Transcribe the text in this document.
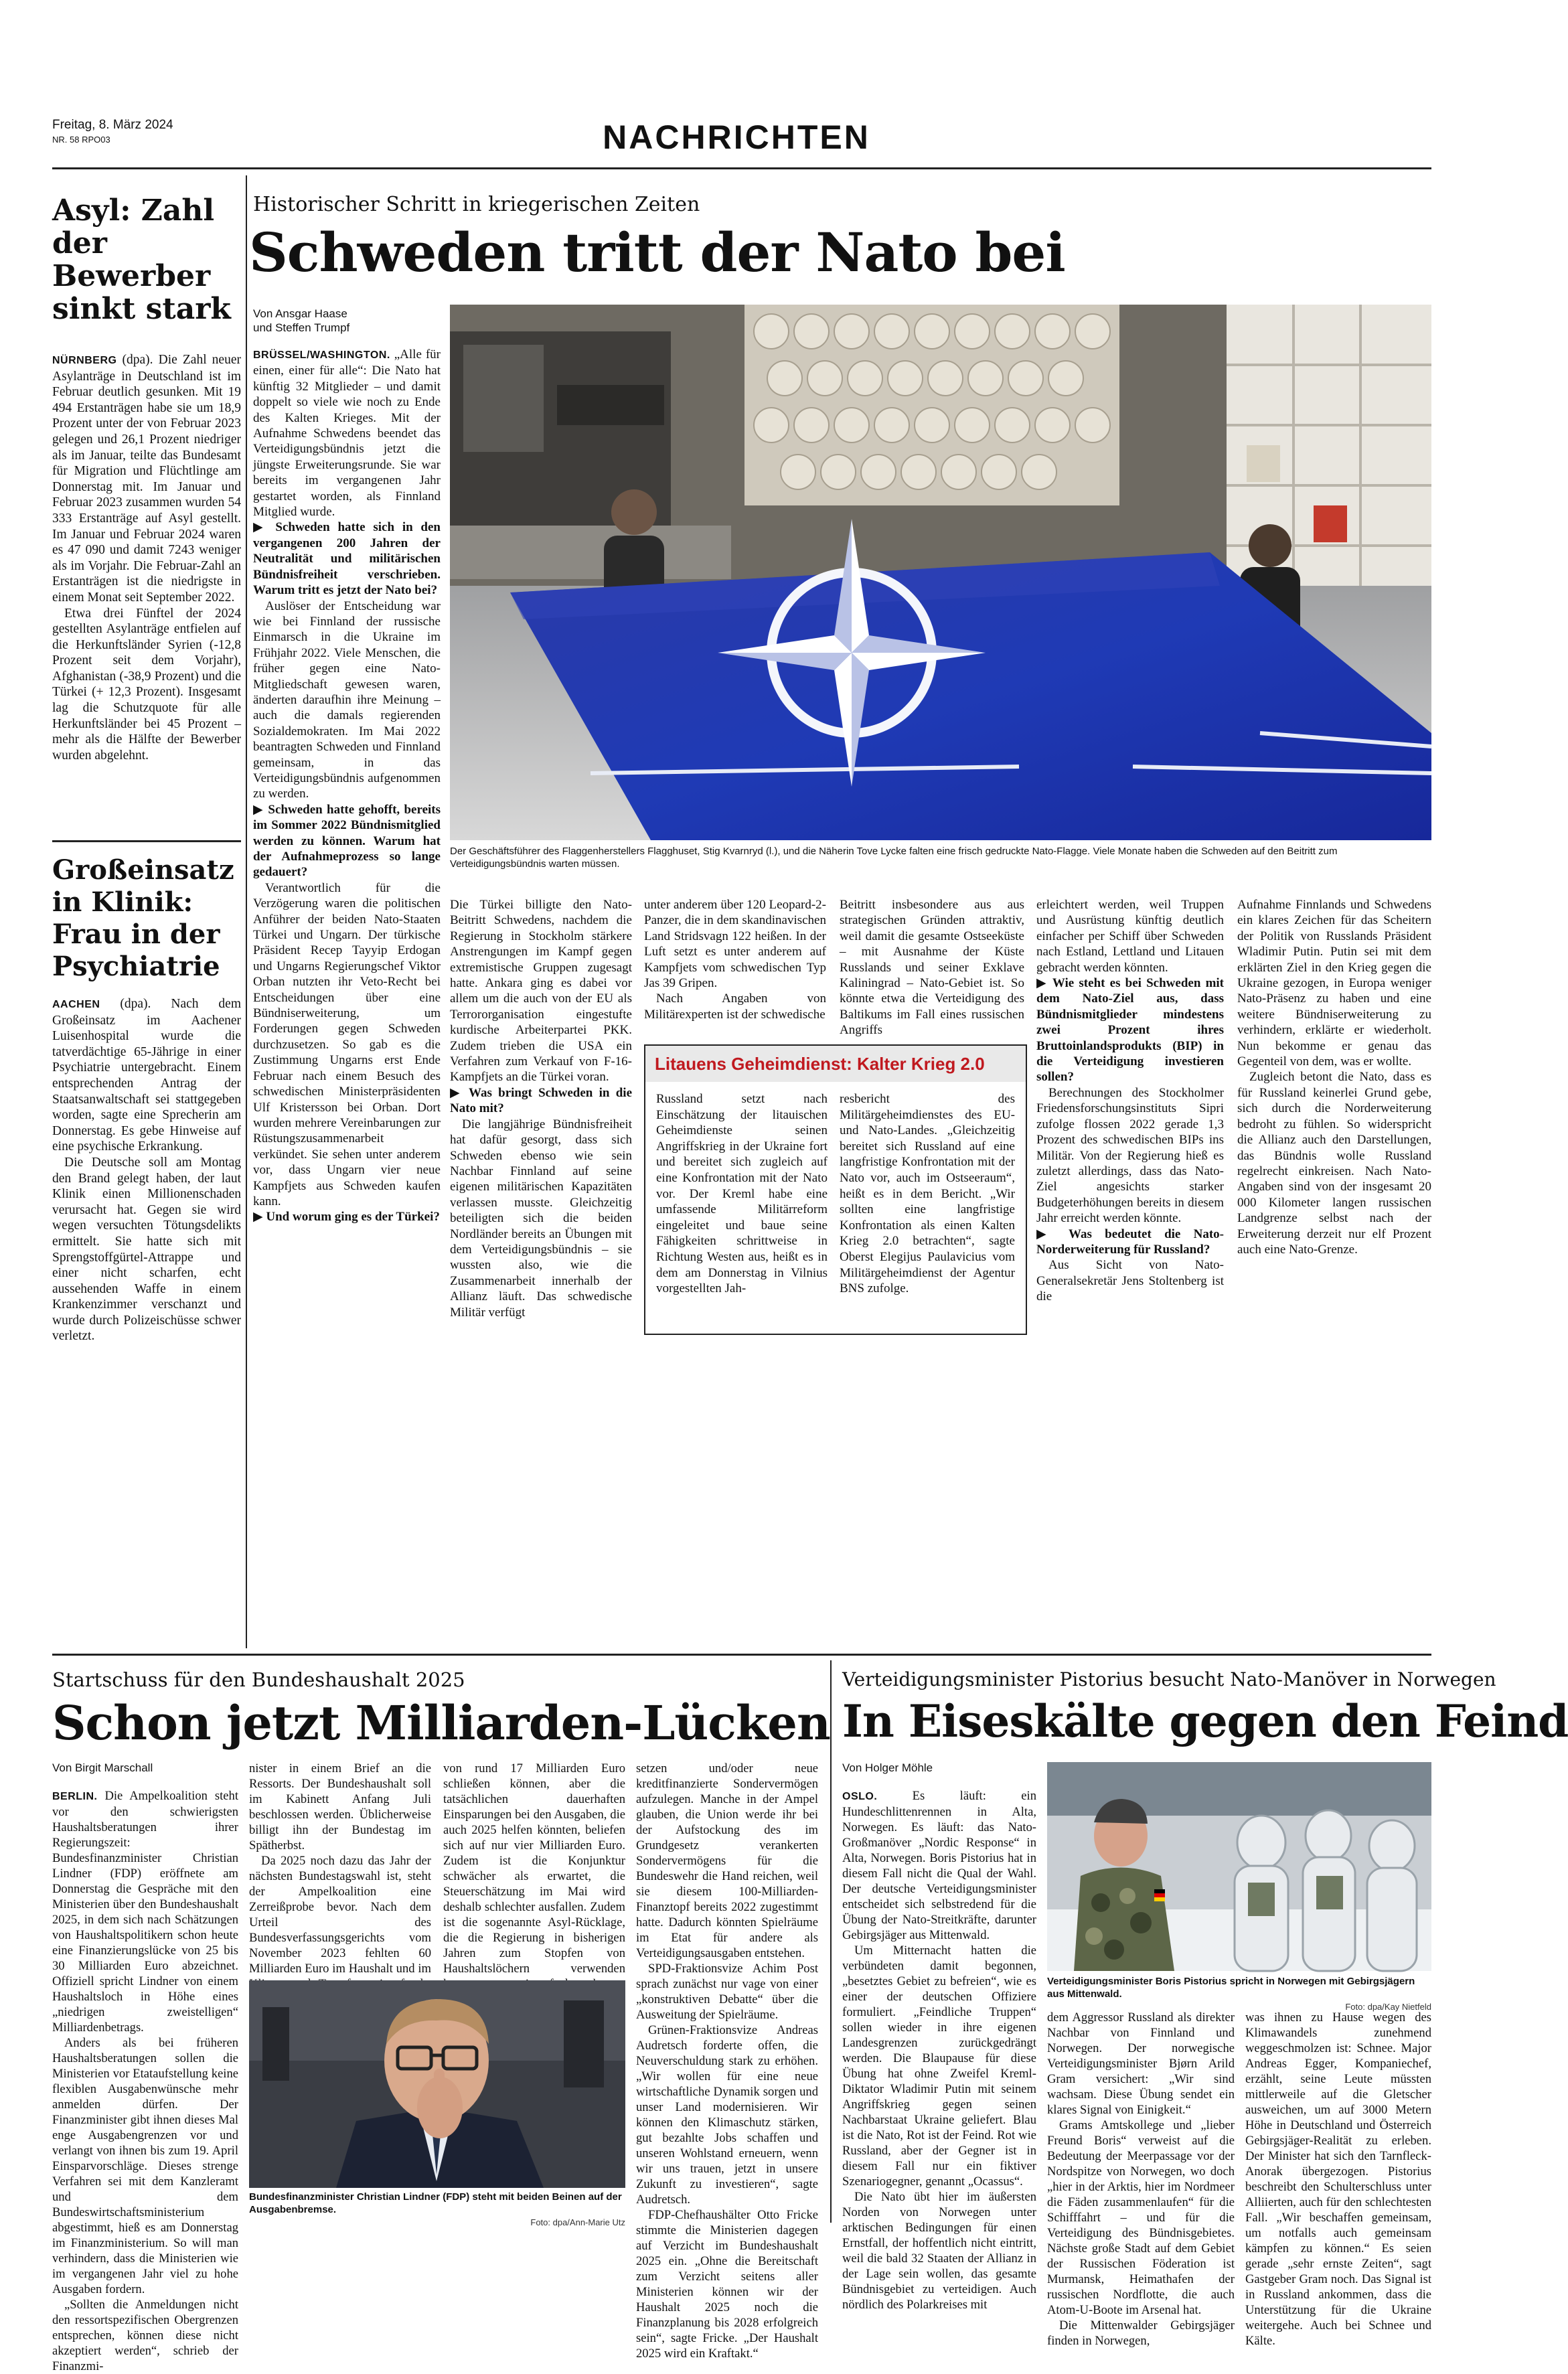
Freitag, 8. März 2024
NR. 58 RPO03	NACHRICHTEN
Asyl: Zahl der Bewerber sinkt stark

NÜRNBERG (dpa). Die Zahl neuer Asylanträge in Deutschland ist im Februar deutlich gesunken. Mit 19 494 Erstanträgen habe sie um 18,9 Prozent unter der von Februar 2023 gelegen und 26,1 Prozent niedriger als im Januar, teilte das Bundesamt für Migration und Flüchtlinge am Donnerstag mit. Im Januar und Februar 2023 zusammen wurden 54 333 Erstanträge auf Asyl gestellt. Im Januar und Februar 2024 waren es 47 090 und damit 7243 weniger als im Vorjahr. Die Februar-Zahl an Erstanträgen ist die niedrigste in einem Monat seit September 2022.

Etwa drei Fünftel der 2024 gestellten Asylanträge entfielen auf die Herkunftsländer Syrien (-12,8 Prozent seit dem Vorjahr), Afghanistan (-38,9 Prozent) und die Türkei (+ 12,3 Prozent). Insgesamt lag die Schutzquote für alle Herkunftsländer bei 45 Prozent – mehr als die Hälfte der Bewerber wurden abgelehnt.

Großeinsatz in Klinik: Frau in der Psychiatrie

AACHEN (dpa). Nach dem Großeinsatz im Aachener Luisenhospital wurde die tatverdächtige 65-Jährige in einer Psychiatrie untergebracht. Einem entsprechenden Antrag der Staatsanwaltschaft sei stattgegeben worden, sagte eine Sprecherin am Donnerstag. Es gebe Hinweise auf eine psychische Erkrankung.

Die Deutsche soll am Montag den Brand gelegt haben, der laut Klinik einen Millionenschaden verursacht hat. Gegen sie wird wegen versuchten Tötungsdelikts ermittelt. Sie hatte sich mit Sprengstoffgürtel-Attrappe und einer nicht scharfen, echt aussehenden Waffe in einem Krankenzimmer verschanzt und wurde durch Polizeischüsse schwer verletzt.

Historischer Schritt in kriegerischen Zeiten
Schweden tritt der Nato bei
Von Ansgar Haase
und Steffen Trumpf

BRÜSSEL/WASHINGTON. „Alle für einen, einer für alle“: Die Nato hat künftig 32 Mitglieder – und damit doppelt so viele wie noch zu Ende des Kalten Krieges. Mit der Aufnahme Schwedens beendet das Verteidigungsbündnis jetzt die jüngste Erweiterungsrunde. Sie war bereits im vergangenen Jahr gestartet worden, als Finnland Mitglied wurde.

▶ Schweden hatte sich in den vergangenen 200 Jahren der Neutralität und militärischen Bündnisfreiheit verschrieben. Warum tritt es jetzt der Nato bei?

Auslöser der Entscheidung war wie bei Finnland der russische Einmarsch in die Ukraine im Frühjahr 2022. Viele Menschen, die früher gegen eine Nato-Mitgliedschaft gewesen waren, änderten daraufhin ihre Meinung – auch die damals regierenden Sozialdemokraten. Im Mai 2022 beantragten Schweden und Finnland gemeinsam, in das Verteidigungsbündnis aufgenommen zu werden.

▶ Schweden hatte gehofft, bereits im Sommer 2022 Bündnismitglied werden zu können. Warum hat der Aufnahmeprozess so lange gedauert?

Verantwortlich für die Verzögerung waren die politischen Anführer der beiden Nato-Staaten Türkei und Ungarn. Der türkische Präsident Recep Tayyip Erdogan und Ungarns Regierungschef Viktor Orban nutzten ihr Veto-Recht bei Entscheidungen über eine Bündniserweiterung, um Forderungen gegen Schweden durchzusetzen. So gab es die Zustimmung Ungarns erst Ende Februar nach einem Besuch des schwedischen Ministerpräsidenten Ulf Kristersson bei Orban. Dort wurden mehrere Vereinbarungen zur Rüstungszusammenarbeit verkündet. Sie sehen unter anderem vor, dass Ungarn vier neue Kampfjets aus Schweden kaufen kann.

▶ Und worum ging es der Türkei?

Der Geschäftsführer des Flaggenherstellers Flagghuset, Stig Kvarnryd (l.), und die Näherin Tove Lycke falten eine frisch gedruckte Nato-Flagge. Viele Monate haben die Schweden auf den Beitritt zum Verteidigungsbündnis warten müssen.

Die Türkei billigte den Nato-Beitritt Schwedens, nachdem die Regierung in Stockholm stärkere Anstrengungen im Kampf gegen extremistische Gruppen zugesagt hatte. Ankara ging es dabei vor allem um die auch von der EU als Terrororganisation eingestufte kurdische Arbeiterpartei PKK. Zudem trieben die USA ein Verfahren zum Verkauf von F-16-Kampfjets an die Türkei voran.

▶ Was bringt Schweden in die Nato mit?

Die langjährige Bündnisfreiheit hat dafür gesorgt, dass sich Schweden ebenso wie sein Nachbar Finnland auf seine eigenen militärischen Kapazitäten verlassen musste. Gleichzeitig beteiligten sich die beiden Nordländer bereits an Übungen mit dem Verteidigungsbündnis – sie wussten also, wie die Zusammenarbeit innerhalb der Allianz läuft. Das schwedische Militär verfügt

unter anderem über 120 Leopard-2-Panzer, die in dem skandinavischen Land Stridsvagn 122 heißen. In der Luft setzt es unter anderem auf Kampfjets vom schwedischen Typ Jas 39 Gripen.

Nach Angaben von Militärexperten ist der schwedische

Beitritt insbesondere aus aus strategischen Gründen attraktiv, weil damit die gesamte Ostseeküste – mit Ausnahme der Küste Russlands und seiner Exklave Kaliningrad – Nato-Gebiet ist. So könnte etwa die Verteidigung des Baltikums im Fall eines russischen Angriffs

erleichtert werden, weil Truppen und Ausrüstung künftig deutlich einfacher per Schiff über Schweden nach Estland, Lettland und Litauen gebracht werden könnten.

▶ Wie steht es bei Schweden mit dem Nato-Ziel aus, dass Bündnismitglieder mindestens zwei Prozent ihres Bruttoinlandsprodukts (BIP) in die Verteidigung investieren sollen?

Berechnungen des Stockholmer Friedensforschungsinstituts Sipri zufolge flossen 2022 gerade 1,3 Prozent des schwedischen BIPs ins Militär. Von der Regierung hieß es zuletzt allerdings, dass das Nato-Ziel angesichts starker Budgeterhöhungen bereits in diesem Jahr erreicht werden könnte.

▶ Was bedeutet die Nato-Norderweiterung für Russland?

Aus Sicht von Nato-Generalsekretär Jens Stoltenberg ist die

Aufnahme Finnlands und Schwedens ein klares Zeichen für das Scheitern der Politik von Russlands Präsident Wladimir Putin. Putin sei mit dem erklärten Ziel in den Krieg gegen die Ukraine gezogen, in Europa weniger Nato-Präsenz zu haben und eine weitere Bündniserweiterung zu verhindern, erklärte er wiederholt. Nun bekomme er genau das Gegenteil von dem, was er wollte.

Zugleich betont die Nato, dass es für Russland keinerlei Grund gebe, sich durch die Norderweiterung bedroht zu fühlen. So widerspricht die Allianz auch den Darstellungen, das Bündnis wolle Russland regelrecht einkreisen. Nach Nato-Angaben sind von der insgesamt 20 000 Kilometer langen russischen Landgrenze selbst nach der Erweiterung derzeit nur elf Prozent auch eine Nato-Grenze.

Litauens Geheimdienst: Kalter Krieg 2.0
Russland setzt nach Einschätzung der litauischen Geheimdienste seinen Angriffskrieg in der Ukraine fort und bereitet sich zugleich auf eine Konfrontation mit der Nato vor. Der Kreml habe eine umfassende Militärreform eingeleitet und baue seine Fähigkeiten schrittweise in Richtung Westen aus, heißt es in dem am Donnerstag in Vilnius vorgestellten Jah-
resbericht des Militärgeheimdienstes des EU- und Nato-Landes. „Gleichzeitig bereitet sich Russland auf eine langfristige Konfrontation mit der Nato vor, auch im Ostseeraum“, heißt es in dem Bericht. „Wir sollten eine langfristige Konfrontation als einen Kalten Krieg 2.0 betrachten“, sagte Oberst Elegijus Paulavicius vom Militärgeheimdienst der Agentur BNS zufolge.
Startschuss für den Bundeshaushalt 2025
Schon jetzt Milliarden-Lücken
Von Birgit Marschall

BERLIN. Die Ampelkoalition steht vor den schwierigsten Haushaltsberatungen ihrer Regierungszeit: Bundesfinanzminister Christian Lindner (FDP) eröffnete am Donnerstag die Gespräche mit den Ministerien über den Bundeshaushalt 2025, in dem sich nach Schätzungen von Haushaltspolitikern schon heute eine Finanzierungslücke von 25 bis 30 Milliarden Euro abzeichnet. Offiziell spricht Lindner von einem Haushaltsloch in Höhe eines „niedrigen zweistelligen“ Milliardenbetrags.

Anders als bei früheren Haushaltsberatungen sollen die Ministerien vor Etataufstellung keine flexiblen Ausgabenwünsche mehr anmelden dürfen. Der Finanzminister gibt ihnen dieses Mal enge Ausgabengrenzen vor und verlangt von ihnen bis zum 19. April Einsparvorschläge. Dieses strenge Verfahren sei mit dem Kanzleramt und dem Bundeswirtschaftsministerium abgestimmt, hieß es am Donnerstag im Finanzministerium. So will man verhindern, dass die Ministerien wie im vergangenen Jahr viel zu hohe Ausgaben fordern.

„Sollten die Anmeldungen nicht den ressortspezifischen Obergrenzen entsprechen, können diese nicht akzeptiert werden“, schrieb der Finanzmi-

nister in einem Brief an die Ressorts. Der Bundeshaushalt soll im Kabinett Anfang Juli beschlossen werden. Üblicherweise billigt ihn der Bundestag im Spätherbst.

Da 2025 noch dazu das Jahr der nächsten Bundestagswahl ist, steht der Ampelkoalition eine Zerreißprobe bevor. Nach dem Urteil des Bundesverfassungsgerichts vom November 2023 fehlten 60 Milliarden Euro im Haushalt und im

von rund 17 Milliarden Euro schließen können, aber die tatsächlichen dauerhaften Einsparungen bei den Ausgaben, die auch 2025 helfen könnten, beliefen sich auf nur vier Milliarden Euro. Zudem ist die Konjunktur schwächer als erwartet, die Steuerschätzung im Mai wird deshalb schlechter ausfallen. Zudem ist die sogenannte Asyl-Rücklage, die die Regierung in bisherigen Jahren zum Stopfen von Haushaltslöchern verwenden

setzen und/oder neue kreditfinanzierte Sondervermögen aufzulegen. Manche in der Ampel glauben, die Union werde ihr bei der Aufstockung des im Grundgesetz verankerten Sondervermögens für die Bundeswehr die Hand reichen, weil sie diesem 100-Milliarden-Finanztopf bereits 2022 zugestimmt hatte. Dadurch könnten Spielräume im Etat für andere als Verteidigungsausgaben entstehen.

SPD-Fraktionsvize Achim Post sprach zunächst nur vage von einer „konstruktiven Debatte“ über die Ausweitung der Spielräume.

Grünen-Fraktionsvize Andreas Audretsch forderte offen, die Neuverschuldung stark zu erhöhen. „Wir wollen für eine neue wirtschaftliche Dynamik sorgen und unser Land modernisieren. Wir können den Klimaschutz stärken, gut bezahlte Jobs schaffen und unseren Wohlstand erneuern, wenn wir uns trauen, jetzt in unsere Zukunft zu investieren“, sagte Audretsch.

FDP-Chefhaushälter Otto Fricke stimmte die Ministerien dagegen auf Verzicht im Bundeshaushalt 2025 ein. „Ohne die Bereitschaft zum Verzicht seitens aller Ministerien können wir der Haushalt 2025 noch die Finanzplanung bis 2028 erfolgreich sein“, sagte Fricke. „Der Haushalt 2025 wird ein Kraftakt.“

Bundesfinanzminister Christian Lindner (FDP) steht mit beiden Beinen auf der Ausgabenbremse.
Foto: dpa/Ann-Marie Utz
Verteidigungsminister Pistorius besucht Nato-Manöver in Norwegen
In Eiseskälte gegen den Feind
Von Holger Möhle

OSLO.	Es läuft: ein Hundeschlittenrennen in Alta, Norwegen. Es läuft: das Nato-Großmanöver „Nordic Response“ in Alta, Norwegen. Boris Pistorius hat in diesem Fall nicht die Qual der Wahl. Der deutsche Verteidigungsminister entscheidet sich selbstredend für die Übung der Nato-Streitkräfte, darunter Gebirgsjäger aus Mittenwald.

Um Mitternacht hatten die verbündeten damit begonnen, „besetztes Gebiet zu befreien“, wie es einer der deutschen Offiziere formuliert. „Feindliche Truppen“ sollen wieder in ihre eigenen Landesgrenzen zurückgedrängt werden. Die Blaupause für diese Übung hat ohne Zweifel Kreml-Diktator Wladimir Putin mit seinem Angriffskrieg gegen seinen Nachbarstaat Ukraine geliefert. Blau ist die Nato, Rot ist der Feind. Rot wie Russland, aber der Gegner ist in diesem Fall nur ein fiktiver Szenariogegner, genannt „Ocassus“.

Die Nato übt hier im äußersten Norden von Norwegen unter arktischen Bedingungen für einen Ernstfall, der hoffentlich nicht eintritt, weil die bald 32 Staaten der Allianz in der Lage sein wollen, das gesamte Bündnisgebiet zu verteidigen. Auch nördlich des Polarkreises mit

Verteidigungsminister Boris Pistorius spricht in Norwegen mit Gebirgsjägern aus Mittenwald.
Foto: dpa/Kay Nietfeld

dem Aggressor Russland als direkter Nachbar von Finnland und Norwegen. Der norwegische Verteidigungsminister Bjørn Arild Gram versichert: „Wir sind wachsam. Diese Übung sendet ein klares Signal von Einigkeit.“

Grams Amtskollege und „lieber Freund Boris“ verweist auf die Bedeutung der Meerpassage vor der Nordspitze von Norwegen, wo doch „hier in der Arktis, hier im Nordmeer die Fäden zusammenlaufen“ für die Schifffahrt – und für die Verteidigung des Bündnisgebietes. Nächste große Stadt auf dem Gebiet der Russischen Föderation ist Murmansk, Heimathafen der russischen Nordflotte, die auch Atom-U-Boote im Arsenal hat.

Die Mittenwalder Gebirgsjäger finden in Norwegen,

was ihnen zu Hause wegen des Klimawandels zunehmend weggeschmolzen ist: Schnee. Major Andreas Egger, Kompaniechef, erzählt, seine Leute müssten mittlerweile auf die Gletscher ausweichen, um auf 3000 Metern Höhe in Deutschland und Österreich Gebirgsjäger-Realität zu erleben. Der Minister hat sich den Tarnfleck-Anorak übergezogen. Pistorius beschreibt den Schulterschluss unter Alliierten, auch für den schlechtesten Fall. „Wir beschaffen gemeinsam, um notfalls auch gemeinsam kämpfen zu können.“ Es seien gerade „sehr ernste Zeiten“, sagt Gastgeber Gram noch. Das Signal ist in Russland ankommen, dass die Unterstützung für die Ukraine weitergehe. Auch bei Schnee und Kälte.
